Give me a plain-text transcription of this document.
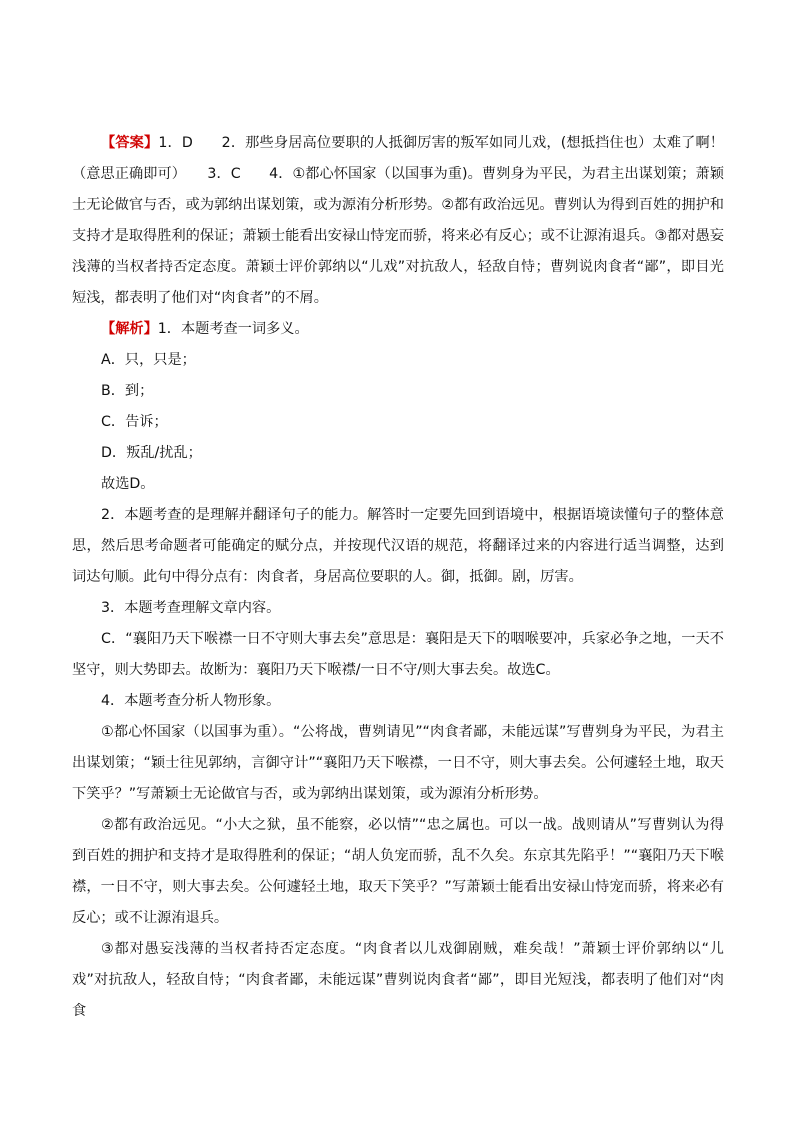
【答案】1．D　　2．那些身居高位要职的人抵御厉害的叛军如同儿戏，(想抵挡住也）太难了啊！（意思正确即可）　　3．C　　4．①都心怀国家（以国事为重)。曹刿身为平民，为君主出谋划策；萧颖士无论做官与否，或为郭纳出谋划策，或为源洧分析形势。②都有政治远见。曹刿认为得到百姓的拥护和支持才是取得胜利的保证；萧颖士能看出安禄山恃宠而骄，将来必有反心；或不让源洧退兵。③都对愚妄浅薄的当权者持否定态度。萧颖士评价郭纳以“儿戏”对抗敌人，轻敌自恃；曹刿说肉食者“鄙”，即目光短浅，都表明了他们对“肉食者”的不屑。

【解析】1．本题考查一词多义。

A．只，只是；

B．到；

C．告诉；

D．叛乱/扰乱；

故选D。

2．本题考查的是理解并翻译句子的能力。解答时一定要先回到语境中，根据语境读懂句子的整体意思，然后思考命题者可能确定的赋分点，并按现代汉语的规范，将翻译过来的内容进行适当调整，达到词达句顺。此句中得分点有：肉食者，身居高位要职的人。御，抵御。剧，厉害。

3．本题考查理解文章内容。

C．“襄阳乃天下喉襟一日不守则大事去矣”意思是：襄阳是天下的咽喉要冲，兵家必争之地，一天不坚守，则大势即去。故断为：襄阳乃天下喉襟/一日不守/则大事去矣。故选C。

4．本题考查分析人物形象。

①都心怀国家（以国事为重）。“公将战，曹刿请见”“肉食者鄙，未能远谋”写曹刿身为平民，为君主出谋划策；“颖士往见郭纳，言御守计”“襄阳乃天下喉襟，一日不守，则大事去矣。公何遽轻土地，取天下笑乎？”写萧颖士无论做官与否，或为郭纳出谋划策，或为源洧分析形势。

②都有政治远见。“小大之狱，虽不能察，必以情”“忠之属也。可以一战。战则请从”写曹刿认为得到百姓的拥护和支持才是取得胜利的保证；“胡人负宠而骄，乱不久矣。东京其先陷乎！”“襄阳乃天下喉襟，一日不守，则大事去矣。公何遽轻土地，取天下笑乎？”写萧颖士能看出安禄山恃宠而骄，将来必有反心；或不让源洧退兵。

③都对愚妄浅薄的当权者持否定态度。“肉食者以儿戏御剧贼，难矣哉！”萧颖士评价郭纳以“儿戏”对抗敌人，轻敌自恃；“肉食者鄙，未能远谋”曹刿说肉食者“鄙”，即目光短浅，都表明了他们对“肉食
